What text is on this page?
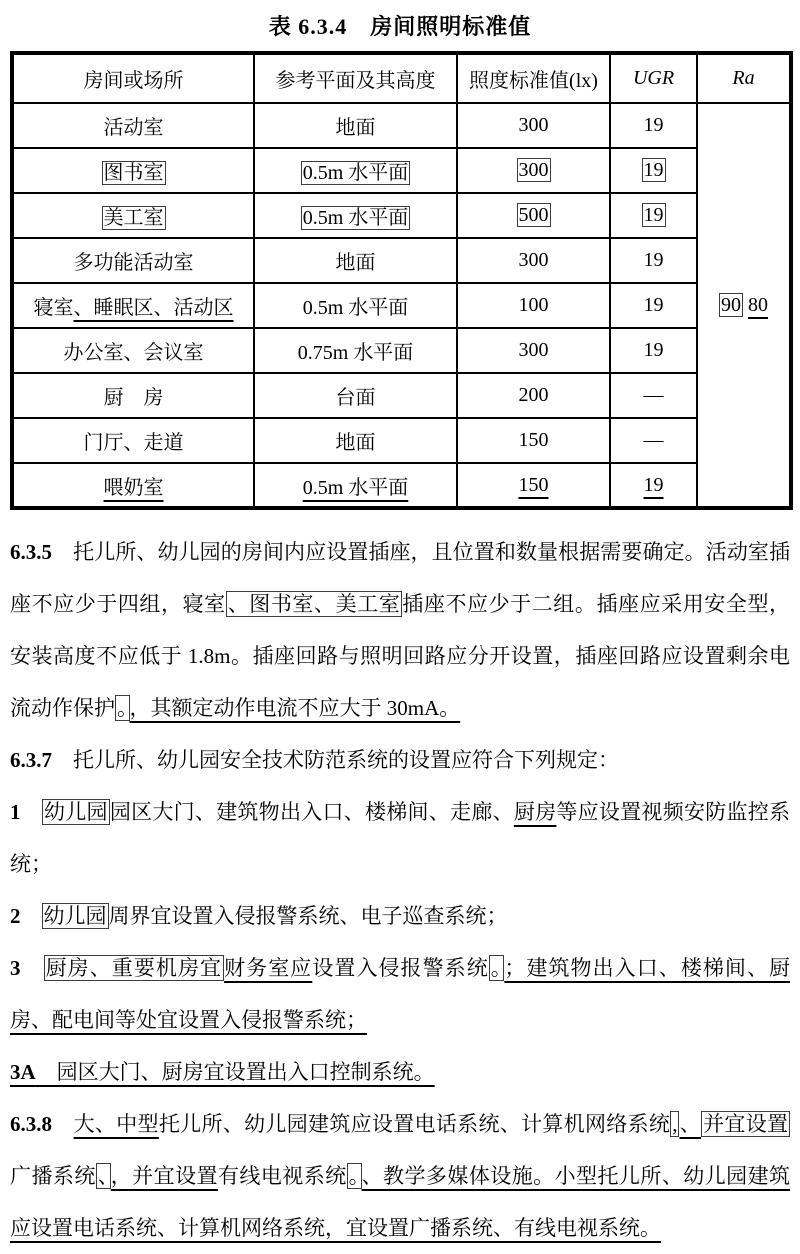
表 6.3.4　房间照明标准值
房间或场所	参考平面及其高度	照度标准值(lx)	UGR	Ra
活动室	地面	300	19	90 80
图书室	0.5m 水平面	300	19	
美工室	0.5m 水平面	500	19	
多功能活动室	地面	300	19	
寝室、睡眠区、活动区	0.5m 水平面	100	19	
办公室、会议室	0.75m 水平面	300	19	
厨　房	台面	200	—	
门厅、走道	地面	150	—	
喂奶室	0.5m 水平面	150	19	

6.3.5　托儿所、幼儿园的房间内应设置插座，且位置和数量根据需要确定。活动室插座不应少于四组，寝室、图书室、美工室插座不应少于二组。插座应采用安全型，安装高度不应低于 1.8m。插座回路与照明回路应分开设置，插座回路应设置剩余电流动作保护。，其额定动作电流不应大于 30mA。

6.3.7　托儿所、幼儿园安全技术防范系统的设置应符合下列规定：

1　 幼儿园园区大门、建筑物出入口、楼梯间、走廊、厨房等应设置视频安防监控系统；

2　 幼儿园周界宜设置入侵报警系统、电子巡查系统；

3　 厨房、重要机房宜财务室应设置入侵报警系统。；建筑物出入口、楼梯间、厨房、配电间等处宜设置入侵报警系统；

3A　园区大门、厨房宜设置出入口控制系统。

6.3.8　 大、中型托儿所、幼儿园建筑应设置电话系统、计算机网络系统,、并宜设置广播系统、，并宜设置有线电视系统。、教学多媒体设施。小型托儿所、幼儿园建筑应设置电话系统、计算机网络系统，宜设置广播系统、有线电视系统。
